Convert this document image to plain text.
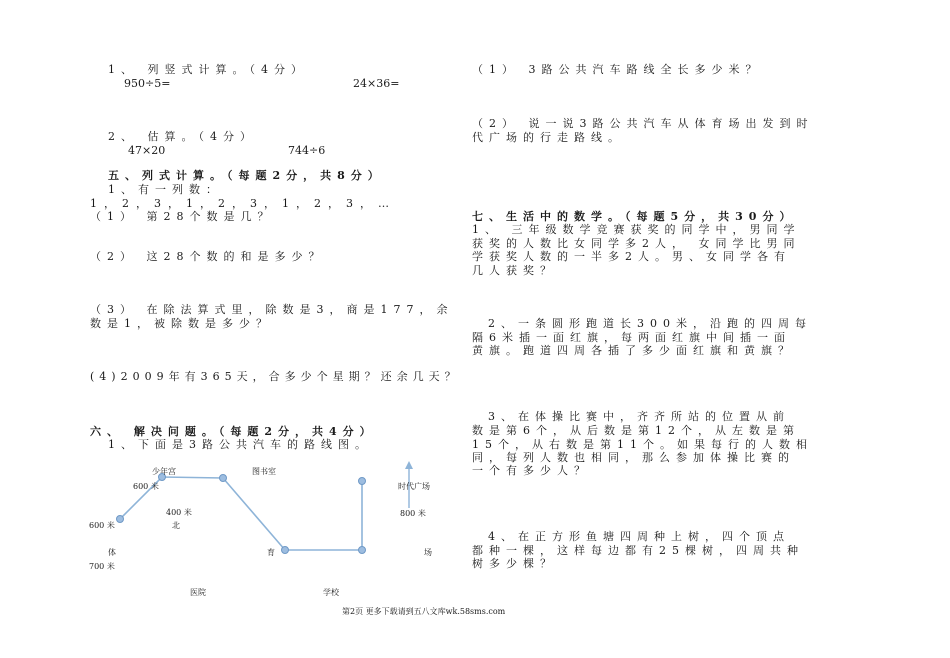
1、 列竖式计算。（4分）
950÷5=	24×36=
2、 估算。（4分）
47×20	744÷6
五、列式计算。（每题2分，共8分）
1、有一列数：
1，2，3，1，2，3，1，2，3，…
（1） 第28个数是几？
（2） 这28个数的和是多少？
（3） 在除法算式里，除数是3，商是177，余
数是1，被除数是多少？
(4)2009年有365天，合多少个星期？还余几天？
六、 解决问题。（每题2分，共4分）
1、下面是3路公共汽车的路线图。
少年宫	图书室
时代广场
600 米
400 米
北
600 米
800 米
体	育	场
700 米
医院	学校
（1） 3路公共汽车路线全长多少米？
（2） 说一说3路公共汽车从体育场出发到时
代广场的行走路线。
七、生活中的数学。（每题5分，共30分）
1、 三年级数学竞赛获奖的同学中，男同学
获奖的人数比女同学多2人， 女同学比男同
学获奖人数的一半多2人。男、女同学各有
几人获奖？
2、一条圆形跑道长300米，沿跑的四周每
隔6米插一面红旗，每两面红旗中间插一面
黄旗。跑道四周各插了多少面红旗和黄旗？
3、在体操比赛中，齐齐所站的位置从前
数是第6个，从后数是第12个，从左数是第
15个，从右数是第11个。如果每行的人数相
同，每列人数也相同，那么参加体操比赛的
一个有多少人？
4、在正方形鱼塘四周种上树，四个顶点
都种一棵，这样每边都有25棵树，四周共种
树多少棵？
第2页 更多下载请到五八文库wk.58sms.com
